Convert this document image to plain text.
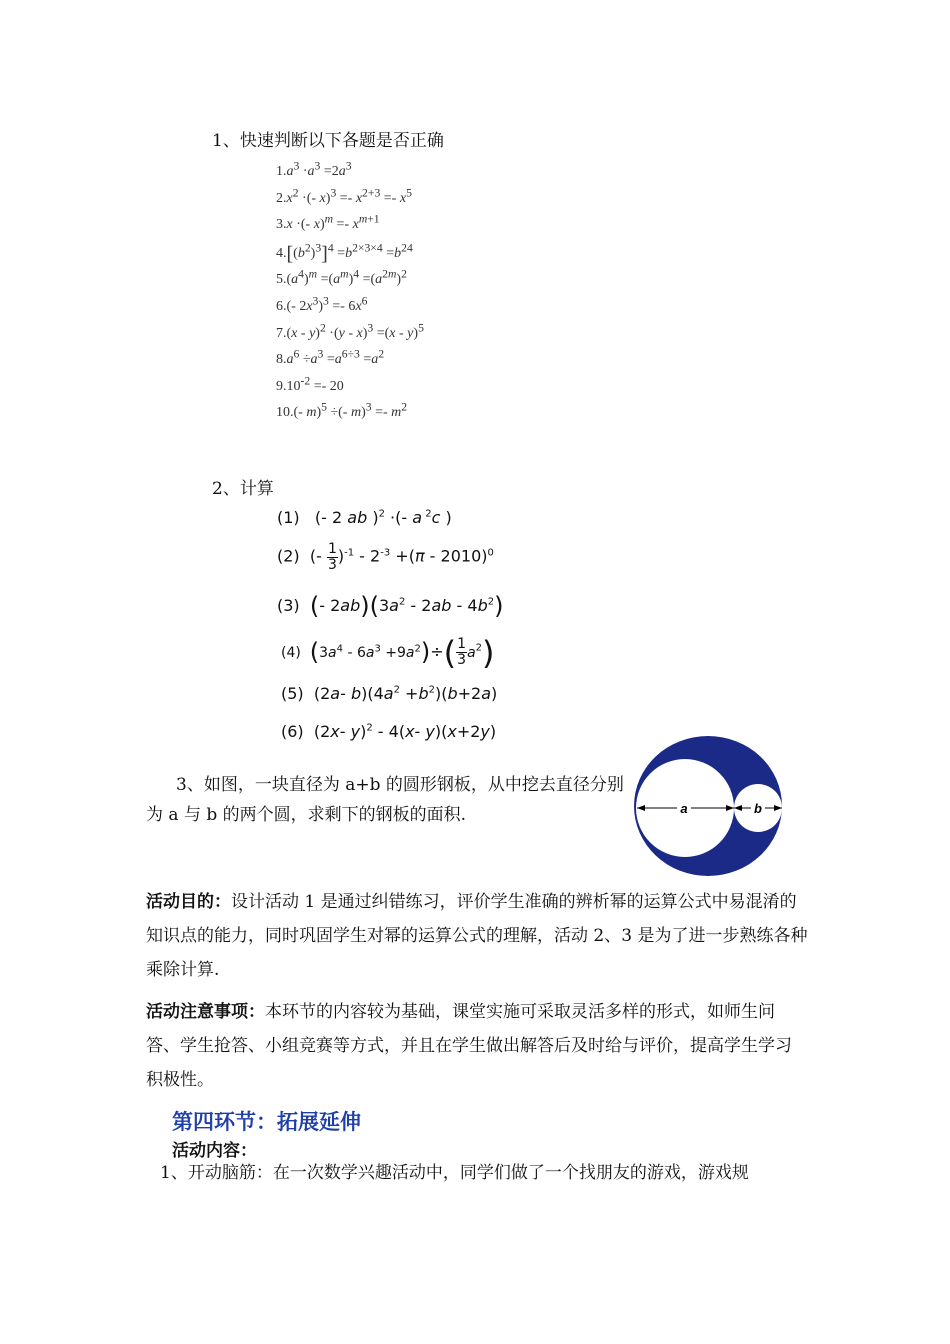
1、快速判断以下各题是否正确
$1.a^3 \cdot a^3 =2a^3$
$2.x^2$ ·(- $x)^3 =- x^{2+3} =- x^5$
3.x ·(- $x)^m =- x^{m+1}$
$4.[(b^2)^3]^4 =b^{2\times 3\times 4} =b^{24}$
$5.(a^4)^m =(a^m)^4 =(a^{2m})^2$
6.(- $2x^3)^3 =- 6x^6$
7.(x - y)$^2$ ·(y - x)$^3$ =(x - y)$^5$
$8.a^6 \div a^3 =a^{6\div 3} =a^2$
$9.10^{-2} =- 20$
10.(- m)$^5$ ÷(- $m)^3 =- m^2$
2、计算
(1)   (- 2 ab )$^2$ ·(- a $^2$c )
(2)  (- $\frac{1}{3} )^{-1} - 2^{-3} +(\pi - 2010)^0$
(3)  (- $2ab)(3a^2 - 2ab - 4b^2)$
(4)  $(3a^4 - 6a^3 +9a^2)\div( \frac{1}{3} a^2)$
(5)  (2a- $b)(4a^2 +b^2)(b+2a)$
(6)  (2x- y)$^2$ - 4(x- y)(x+2y)
3、如图，一块直径为 a+b 的圆形钢板，从中挖去直径分别为 a 与 b 的两个圆，求剩下的钢板的面积.	a	b
活动目的：设计活动 1 是通过纠错练习，评价学生准确的辨析幂的运算公式中易混淆的知识点的能力，同时巩固学生对幂的运算公式的理解，活动 2、3 是为了进一步熟练各种乘除计算.
活动注意事项：本环节的内容较为基础，课堂实施可采取灵活多样的形式，如师生问答、学生抢答、小组竞赛等方式，并且在学生做出解答后及时给与评价，提高学生学习积极性。
第四环节：拓展延伸
活动内容：
1、开动脑筋：在一次数学兴趣活动中，同学们做了一个找朋友的游戏，游戏规
